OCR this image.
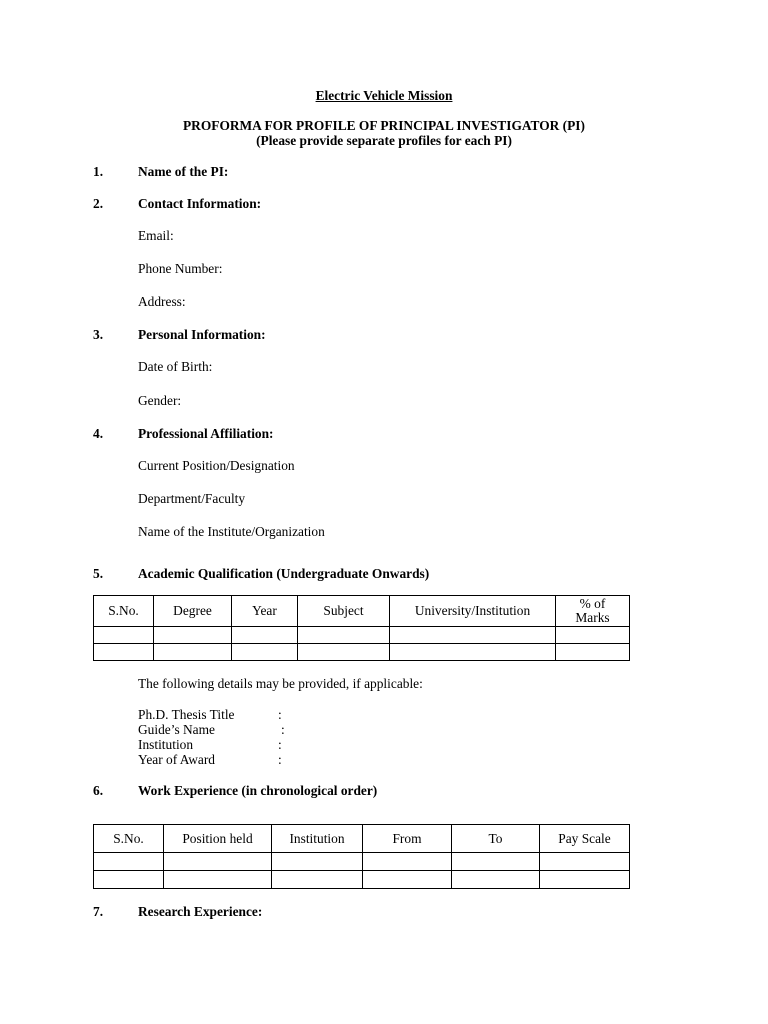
Electric Vehicle Mission
PROFORMA FOR PROFILE OF PRINCIPAL INVESTIGATOR (PI)
(Please provide separate profiles for each PI)
1.	Name of the PI:
2.	Contact Information:
Email:
Phone Number:
Address:
3.	Personal Information:
Date of Birth:
Gender:
4.	Professional Affiliation:
Current Position/Designation
Department/Faculty
Name of the Institute/Organization
5.	Academic Qualification (Undergraduate Onwards)
S.No.	Degree	Year	Subject	University/Institution	% of Marks

The following details may be provided, if applicable:
Ph.D. Thesis Title	:
Guide’s Name	:
Institution	:
Year of Award	:
6.	Work Experience (in chronological order)
S.No.	Position held	Institution	From	To	Pay Scale

7.	Research Experience:
